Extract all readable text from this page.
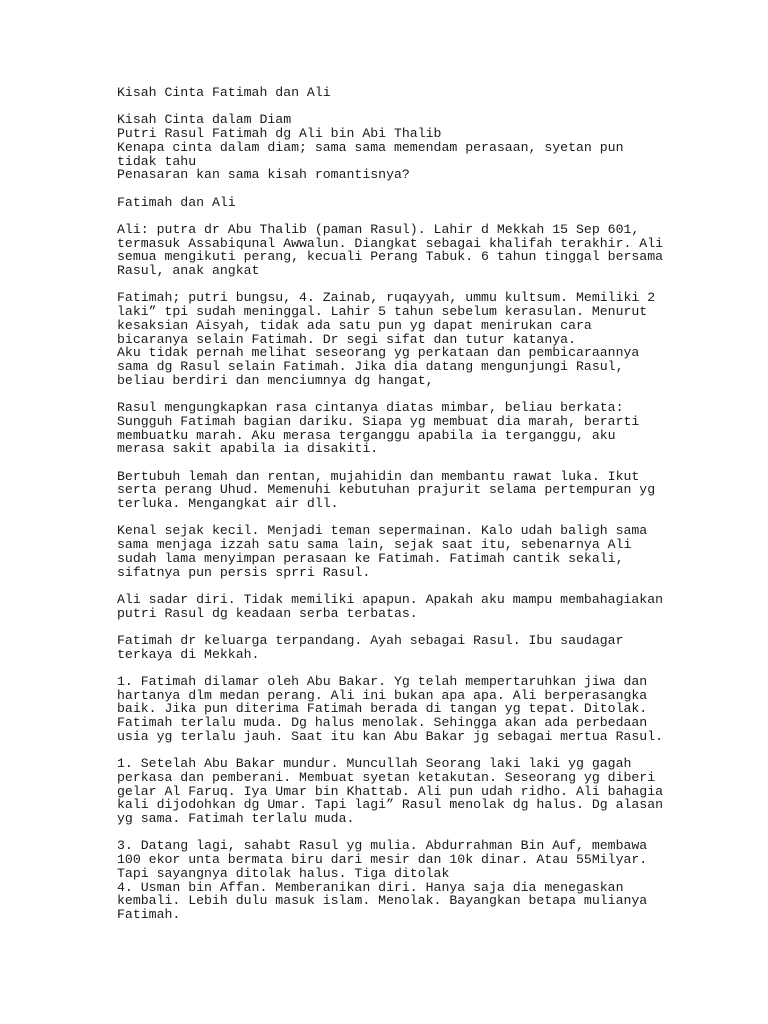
Kisah Cinta Fatimah dan Ali
Kisah Cinta dalam Diam
Putri Rasul Fatimah dg Ali bin Abi Thalib
Kenapa cinta dalam diam; sama sama memendam perasaan, syetan pun
tidak tahu
Penasaran kan sama kisah romantisnya?
Fatimah dan Ali
Ali: putra dr Abu Thalib (paman Rasul). Lahir d Mekkah 15 Sep 601,
termasuk Assabiqunal Awwalun. Diangkat sebagai khalifah terakhir. Ali
semua mengikuti perang, kecuali Perang Tabuk. 6 tahun tinggal bersama
Rasul, anak angkat
Fatimah; putri bungsu, 4. Zainab, ruqayyah, ummu kultsum. Memiliki 2
laki” tpi sudah meninggal. Lahir 5 tahun sebelum kerasulan. Menurut
kesaksian Aisyah, tidak ada satu pun yg dapat menirukan cara
bicaranya selain Fatimah. Dr segi sifat dan tutur katanya.
Aku tidak pernah melihat seseorang yg perkataan dan pembicaraannya
sama dg Rasul selain Fatimah. Jika dia datang mengunjungi Rasul,
beliau berdiri dan menciumnya dg hangat,
Rasul mengungkapkan rasa cintanya diatas mimbar, beliau berkata:
Sungguh Fatimah bagian dariku. Siapa yg membuat dia marah, berarti
membuatku marah. Aku merasa terganggu apabila ia terganggu, aku
merasa sakit apabila ia disakiti.
Bertubuh lemah dan rentan, mujahidin dan membantu rawat luka. Ikut
serta perang Uhud. Memenuhi kebutuhan prajurit selama pertempuran yg
terluka. Mengangkat air dll.
Kenal sejak kecil. Menjadi teman sepermainan. Kalo udah baligh sama
sama menjaga izzah satu sama lain, sejak saat itu, sebenarnya Ali
sudah lama menyimpan perasaan ke Fatimah. Fatimah cantik sekali,
sifatnya pun persis sprri Rasul.
Ali sadar diri. Tidak memiliki apapun. Apakah aku mampu membahagiakan
putri Rasul dg keadaan serba terbatas.
Fatimah dr keluarga terpandang. Ayah sebagai Rasul. Ibu saudagar
terkaya di Mekkah.
1. Fatimah dilamar oleh Abu Bakar. Yg telah mempertaruhkan jiwa dan
hartanya dlm medan perang. Ali ini bukan apa apa. Ali berperasangka
baik. Jika pun diterima Fatimah berada di tangan yg tepat. Ditolak.
Fatimah terlalu muda. Dg halus menolak. Sehingga akan ada perbedaan
usia yg terlalu jauh. Saat itu kan Abu Bakar jg sebagai mertua Rasul.
1. Setelah Abu Bakar mundur. Muncullah Seorang laki laki yg gagah
perkasa dan pemberani. Membuat syetan ketakutan. Seseorang yg diberi
gelar Al Faruq. Iya Umar bin Khattab. Ali pun udah ridho. Ali bahagia
kali dijodohkan dg Umar. Tapi lagi” Rasul menolak dg halus. Dg alasan
yg sama. Fatimah terlalu muda.
3. Datang lagi, sahabt Rasul yg mulia. Abdurrahman Bin Auf, membawa
100 ekor unta bermata biru dari mesir dan 10k dinar. Atau 55Milyar.
Tapi sayangnya ditolak halus. Tiga ditolak
4. Usman bin Affan. Memberanikan diri. Hanya saja dia menegaskan
kembali. Lebih dulu masuk islam. Menolak. Bayangkan betapa mulianya
Fatimah.
